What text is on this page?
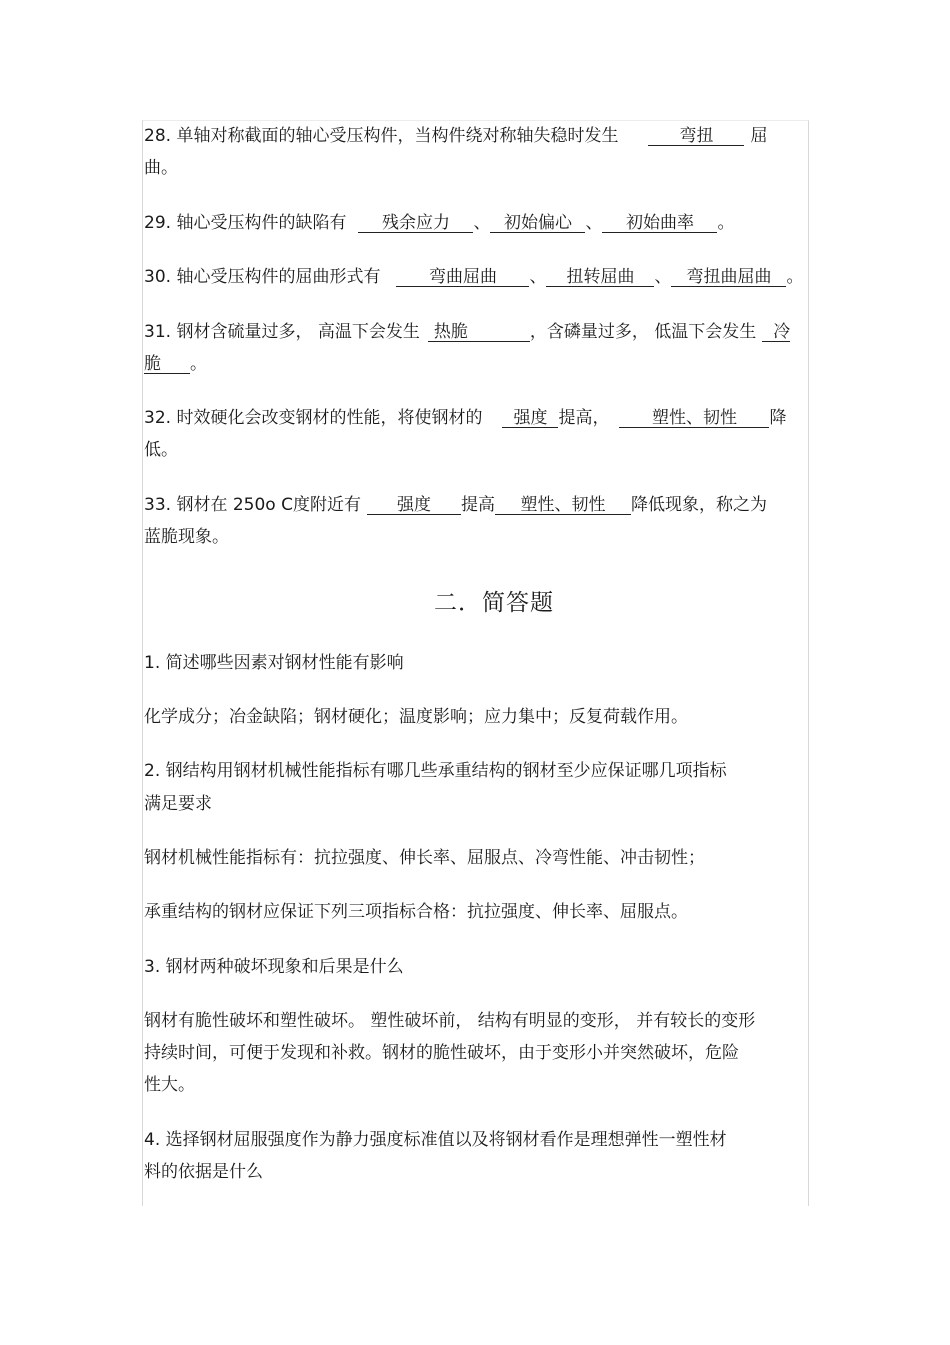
28. 单轴对称截面的轴心受压构件，当构件绕对称轴失稳时发生	弯扭 屈
曲。
29. 轴心受压构件的缺陷有 残余应力 、 初始偏心 、 初始曲率 。
30. 轴心受压构件的屈曲形式有	弯曲屈曲 、 扭转屈曲 、 弯扭曲屈曲 。
31. 钢材含硫量过多， 高温下会发生 热脆	，含磷量过多， 低温下会发生 冷
脆 。
32. 时效硬化会改变钢材的性能，将使钢材的 强度 提高，	塑性、韧性 降
低。
33. 钢材在 250o C度附近有 强度 提高 塑性、韧性 降低现象，称之为
蓝脆现象。
二．简答题
1. 简述哪些因素对钢材性能有影响
化学成分；冶金缺陷；钢材硬化；温度影响；应力集中；反复荷载作用。
2. 钢结构用钢材机械性能指标有哪几些承重结构的钢材至少应保证哪几项指标
满足要求
钢材机械性能指标有：抗拉强度、伸长率、屈服点、冷弯性能、冲击韧性；
承重结构的钢材应保证下列三项指标合格：抗拉强度、伸长率、屈服点。
3. 钢材两种破坏现象和后果是什么
钢材有脆性破坏和塑性破坏。 塑性破坏前， 结构有明显的变形， 并有较长的变形
持续时间，可便于发现和补救。钢材的脆性破坏，由于变形小并突然破坏，危险
性大。
4. 选择钢材屈服强度作为静力强度标准值以及将钢材看作是理想弹性一塑性材
料的依据是什么
